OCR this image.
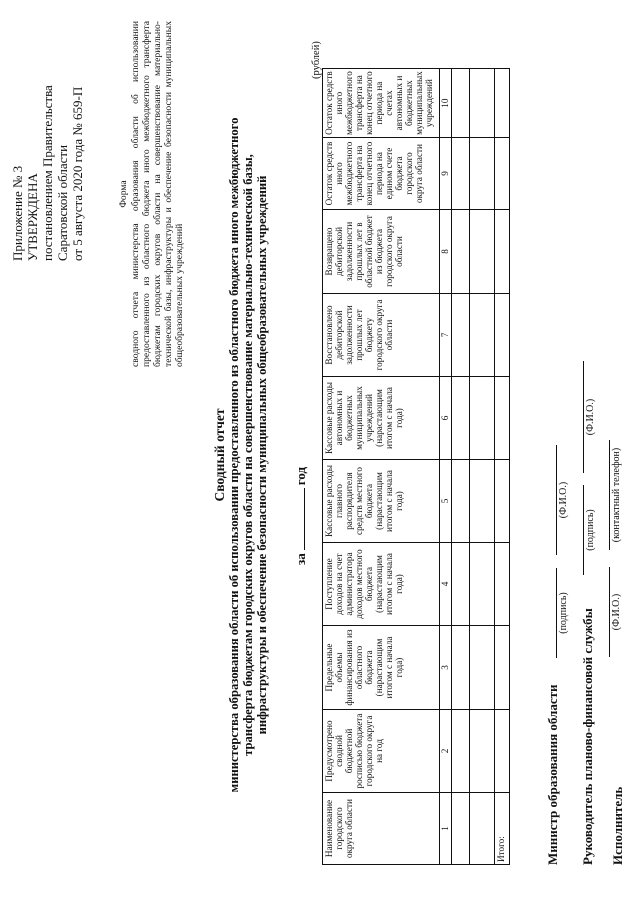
Приложение № 3 УТВЕРЖДЕНА постановлением Правительства Саратовской области от 5 августа 2020 года № 659-П	Форма сводного отчета министерства образования области об использовании предоставленного из областного бюджета иного межбюджетного трансферта бюджетам городских округов области на совершенствование материально-технической базы, инфраструктуры и обеспечение безопасности муниципальных общеобразовательных учреждений
Сводный отчет министерства образования области об использовании предоставленного из областного бюджета иного межбюджетного трансферта бюджетам городских округов области на совершенствование материально-технической базы, инфраструктуры и обеспечение безопасности муниципальных общеобразовательных учреждений загод
(рублей)
Наименование городского округа области	Предусмотрено сводной бюджетной росписью бюджета городского округа на год	Предельные объемы финансирования из областного бюджета (нарастающим итогом с начала года)	Поступление доходов на счет администратора доходов местного бюджета (нарастающим итогом с начала года)	Кассовые расходы главного распорядителя средств местного бюджета (нарастающим итогом с начала года)	Кассовые расходы автономных и бюджетных муниципальных учреждений (нарастающим итогом с начала года)	Восстановлено дебиторской задолженности прошлых лет бюджету городского округа области	Возвращено дебиторской задолженности прошлых лет в областной бюджет из бюджета городского округа области	Остаток средств иного межбюджетного трансферта на конец отчетного периода на едином счете бюджета городского округа области	Остаток средств иного межбюджетного трансферта на конец отчетного периода на счетах автономных и бюджетных муниципальных учреждений
1	2	3	4	5	6	7	8	9	10

Итого:										Министр образования области
(подпись)
(Ф.И.О.)
Руководитель планово-финансовой службы
(подпись)
(Ф.И.О.)
Исполнитель
(Ф.И.О.)
(контактный телефон)
